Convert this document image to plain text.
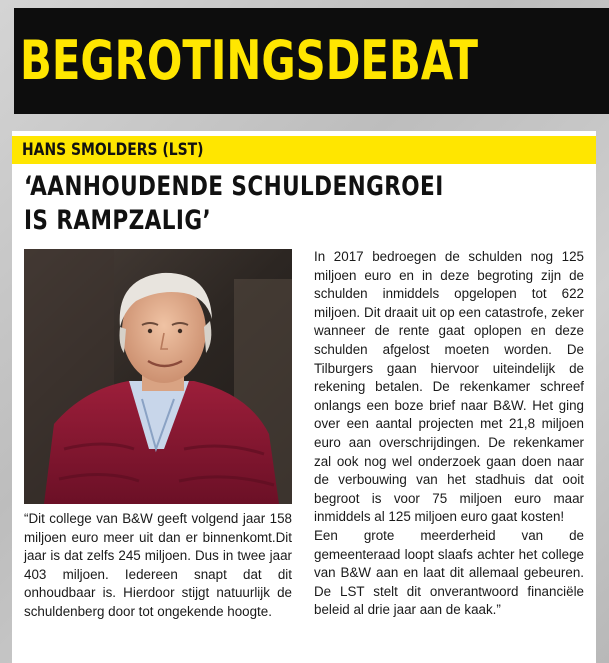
BEGROTINGSDEBAT
HANS SMOLDERS (LST)
‘AANHOUDENDE SCHULDENGROEI
IS RAMPZALIG’

“Dit college van B&W geeft volgend jaar 158 miljoen euro meer uit dan er binnenkomt.Dit jaar is dat zelfs 245 miljoen. Dus in twee jaar 403 miljoen. Iedereen snapt dat dit onhoudbaar is. Hierdoor stijgt natuurlijk de schuldenberg door tot ongekende hoogte.

In 2017 bedroegen de schulden nog 125 miljoen euro en in deze begroting zijn de schulden inmiddels opgelopen tot 622 miljoen. Dit draait uit op een catastrofe, zeker wanneer de rente gaat oplopen en deze schulden afgelost moeten worden. De Tilburgers gaan hiervoor uiteindelijk de rekening betalen. De rekenkamer schreef onlangs een boze brief naar B&W. Het ging over een aantal projecten met 21,8 miljoen euro aan overschrijdingen. De rekenkamer zal ook nog wel onderzoek gaan doen naar de verbouwing van het stadhuis dat ooit begroot is voor 75 miljoen euro maar inmiddels al 125 miljoen euro gaat kosten!

Een grote meerderheid van de gemeenteraad loopt slaafs achter het college van B&W aan en laat dit allemaal gebeuren. De LST stelt dit onverantwoord financiële beleid al drie jaar aan de kaak.”
